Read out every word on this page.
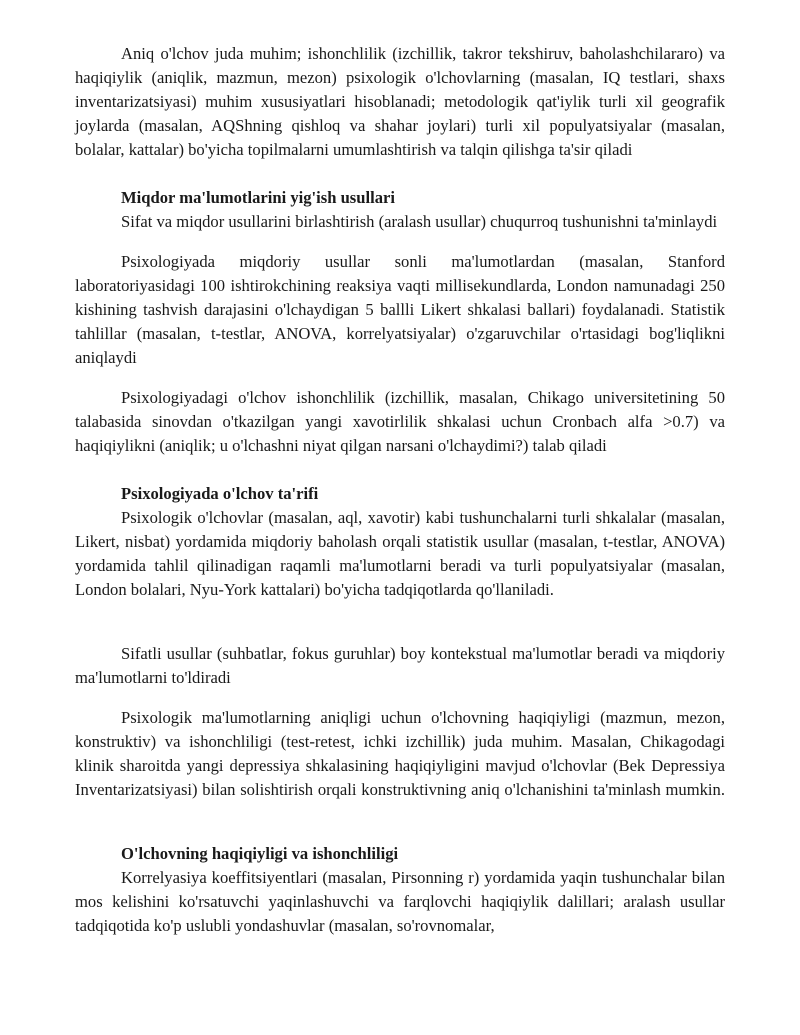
Aniq o'lchov juda muhim; ishonchlilik (izchillik, takror tekshiruv, baholashchilararo) va haqiqiylik (aniqlik, mazmun, mezon) psixologik o'lchovlarning (masalan, IQ testlari, shaxs inventarizatsiyasi) muhim xususiyatlari hisoblanadi; metodologik qat'iylik turli xil geografik joylarda (masalan, AQShning qishloq va shahar joylari) turli xil populyatsiyalar (masalan, bolalar, kattalar) bo'yicha topilmalarni umumlashtirish va talqin qilishga ta'sir qiladi

Miqdor ma'lumotlarini yig'ish usullari

Sifat va miqdor usullarini birlashtirish (aralash usullar) chuqurroq tushunishni ta'minlaydi

Psixologiyada miqdoriy usullar sonli ma'lumotlardan (masalan, Stanford laboratoriyasidagi 100 ishtirokchining reaksiya vaqti millisekundlarda, London namunadagi 250 kishining tashvish darajasini o'lchaydigan 5 ballli Likert shkalasi ballari) foydalanadi. Statistik tahlillar (masalan, t-testlar, ANOVA, korrelyatsiyalar) o'zgaruvchilar o'rtasidagi bog'liqlikni aniqlaydi

Psixologiyadagi o'lchov ishonchlilik (izchillik, masalan, Chikago universitetining 50 talabasida sinovdan o'tkazilgan yangi xavotirlilik shkalasi uchun Cronbach alfa >0.7) va haqiqiylikni (aniqlik; u o'lchashni niyat qilgan narsani o'lchaydimi?) talab qiladi

Psixologiyada o'lchov ta'rifi

Psixologik o'lchovlar (masalan, aql, xavotir) kabi tushunchalarni turli shkalalar (masalan, Likert, nisbat) yordamida miqdoriy baholash orqali statistik usullar (masalan, t-testlar, ANOVA) yordamida tahlil qilinadigan raqamli ma'lumotlarni beradi va turli populyatsiyalar (masalan, London bolalari, Nyu-York kattalari) bo'yicha tadqiqotlarda qo'llaniladi.

Sifatli usullar (suhbatlar, fokus guruhlar) boy kontekstual ma'lumotlar beradi va miqdoriy ma'lumotlarni to'ldiradi

Psixologik ma'lumotlarning aniqligi uchun o'lchovning haqiqiyligi (mazmun, mezon, konstruktiv) va ishonchliligi (test-retest, ichki izchillik) juda muhim. Masalan, Chikagodagi klinik sharoitda yangi depressiya shkalasining haqiqiyligini mavjud o'lchovlar (Bek Depressiya Inventarizatsiyasi) bilan solishtirish orqali konstruktivning aniq o'lchanishini ta'minlash mumkin.

O'lchovning haqiqiyligi va ishonchliligi

Korrelyasiya koeffitsiyentlari (masalan, Pirsonning r) yordamida yaqin tushunchalar bilan mos kelishini ko'rsatuvchi yaqinlashuvchi va farqlovchi haqiqiylik dalillari; aralash usullar tadqiqotida ko'p uslubli yondashuvlar (masalan, so'rovnomalar,
